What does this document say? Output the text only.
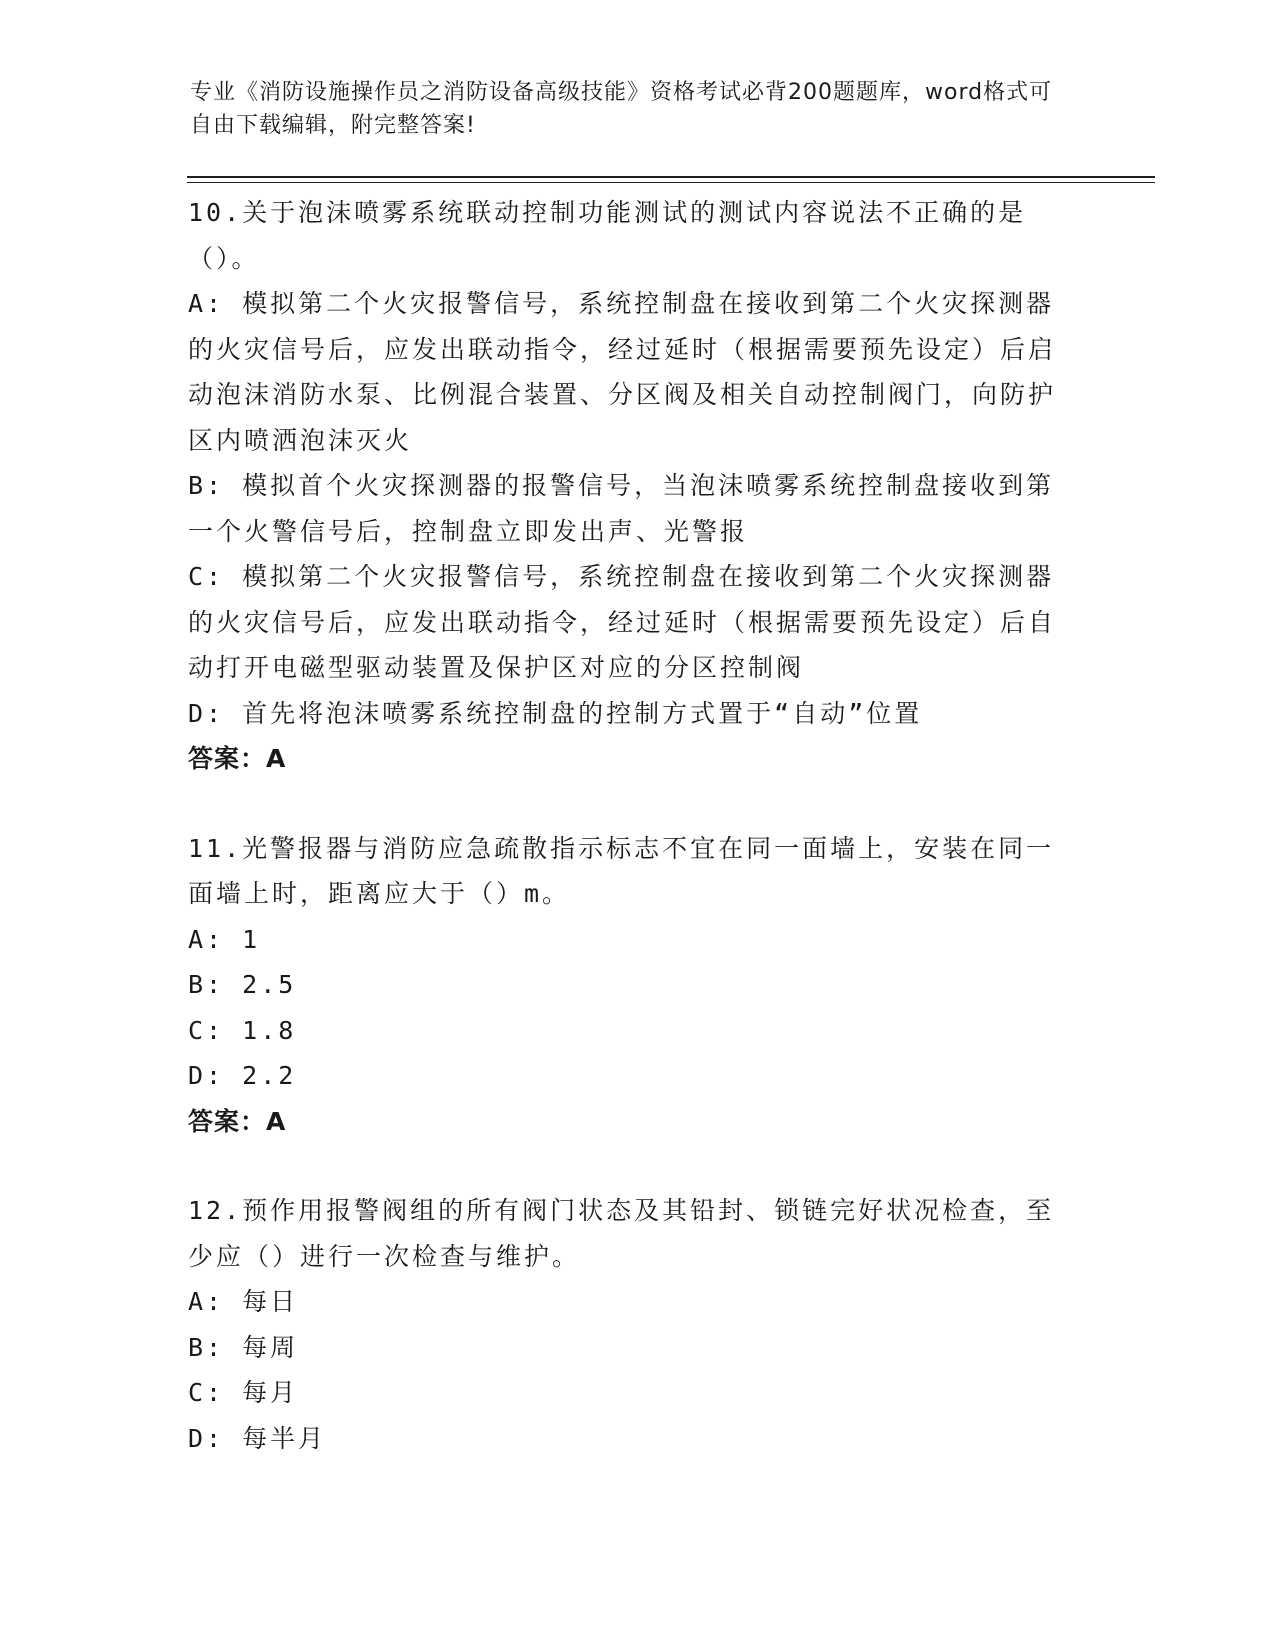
专业《消防设施操作员之消防设备高级技能》资格考试必背200题题库，word格式可自由下载编辑，附完整答案!

10.关于泡沫喷雾系统联动控制功能测试的测试内容说法不正确的是（）。

A: 模拟第二个火灾报警信号，系统控制盘在接收到第二个火灾探测器的火灾信号后，应发出联动指令，经过延时（根据需要预先设定）后启动泡沫消防水泵、比例混合装置、分区阀及相关自动控制阀门，向防护区内喷洒泡沫灭火

B: 模拟首个火灾探测器的报警信号，当泡沫喷雾系统控制盘接收到第一个火警信号后，控制盘立即发出声、光警报

C: 模拟第二个火灾报警信号，系统控制盘在接收到第二个火灾探测器的火灾信号后，应发出联动指令，经过延时（根据需要预先设定）后自动打开电磁型驱动装置及保护区对应的分区控制阀

D: 首先将泡沫喷雾系统控制盘的控制方式置于“自动”位置

答案：A

11.光警报器与消防应急疏散指示标志不宜在同一面墙上，安装在同一面墙上时，距离应大于（）m。

A: 1

B: 2.5

C: 1.8

D: 2.2

答案：A

12.预作用报警阀组的所有阀门状态及其铅封、锁链完好状况检查，至少应（）进行一次检查与维护。

A: 每日

B: 每周

C: 每月

D: 每半月
